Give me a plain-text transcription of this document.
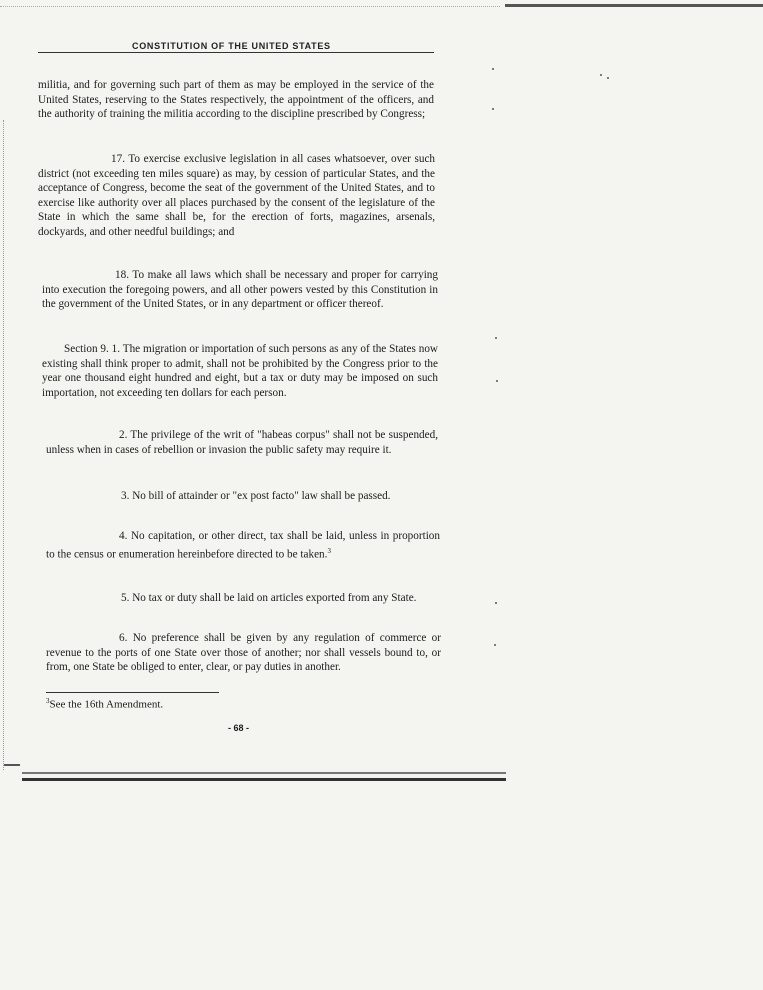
CONSTITUTION OF THE UNITED STATES

militia, and for governing such part of them as may be employed in the service of the United States, reserving to the States respectively, the appointment of the officers, and the authority of training the militia according to the discipline prescribed by Congress;

17. To exercise exclusive legislation in all cases whatsoever, over such district (not exceeding ten miles square) as may, by cession of particular States, and the acceptance of Congress, become the seat of the government of the United States, and to exercise like authority over all places purchased by the consent of the legislature of the State in which the same shall be, for the erection of forts, magazines, arsenals, dockyards, and other needful buildings; and

18. To make all laws which shall be necessary and proper for carrying into execution the foregoing powers, and all other powers vested by this Constitution in the government of the United States, or in any department or officer thereof.

Section 9. 1. The migration or importation of such persons as any of the States now existing shall think proper to admit, shall not be prohibited by the Congress prior to the year one thousand eight hundred and eight, but a tax or duty may be imposed on such importation, not exceeding ten dollars for each person.

2. The privilege of the writ of "habeas corpus" shall not be suspended, unless when in cases of rebellion or invasion the public safety may require it.

3. No bill of attainder or "ex post facto" law shall be passed.

4. No capitation, or other direct, tax shall be laid, unless in proportion to the census or enumeration hereinbefore directed to be taken.$^3$

5. No tax or duty shall be laid on articles exported from any State.

6. No preference shall be given by any regulation of commerce or revenue to the ports of one State over those of another; nor shall vessels bound to, or from, one State be obliged to enter, clear, or pay duties in another.

$^3$See the 16th Amendment.
- 68 -
